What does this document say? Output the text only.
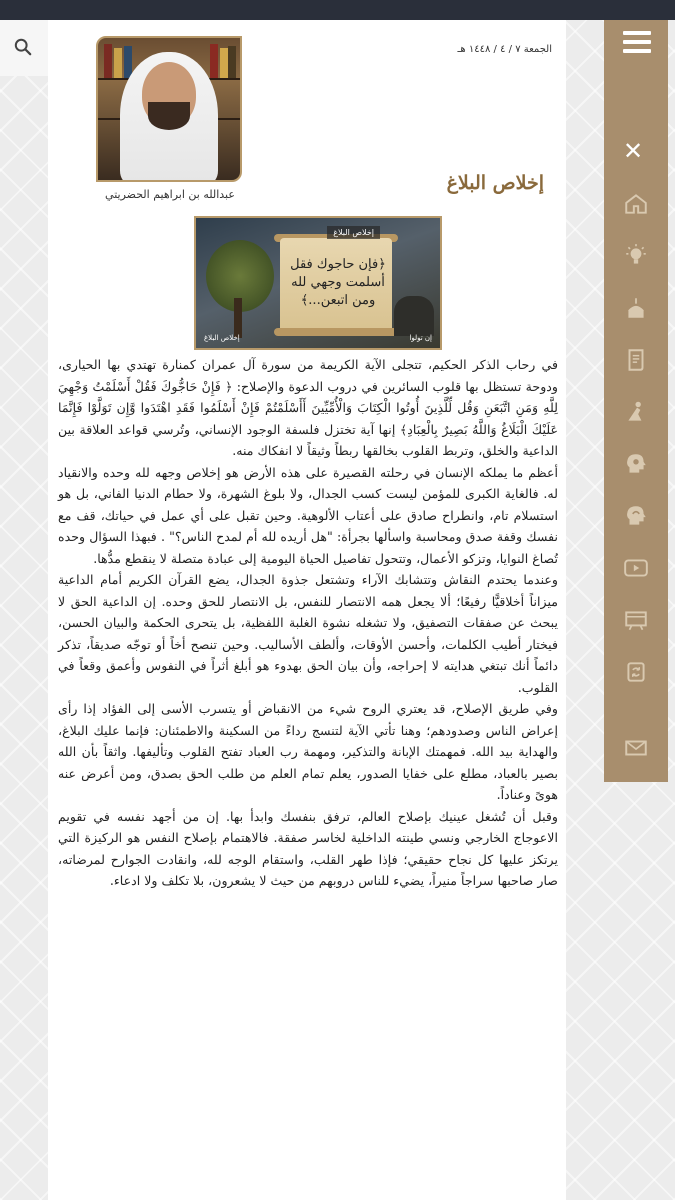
الجمعة ٧ / ٤ / ١٤٤٨ هـ
عبدالله بن ابراهيم الحضريتي
إخلاص البلاغ
إخلاص البلاغ
﴿فإن حاجوك فقل أسلمت وجهي لله ومن اتبعن...﴾
إخلاص البلاغ	إن تولوا

في رحاب الذكر الحكيم، تتجلى الآية الكريمة من سورة آل عمران كمنارة تهتدي بها الحيارى، ودوحة تستظل بها قلوب السائرين في دروب الدعوة والإصلاح: ﴿ فَإِنْ حَاجُّوكَ فَقُلْ أَسْلَمْتُ وَجْهِيَ لِلَّهِ وَمَنِ اتَّبَعَنِ وَقُل لِّلَّذِينَ أُوتُوا الْكِتَابَ وَالْأُمِّيِّينَ أَأَسْلَمْتُمْ فَإِنْ أَسْلَمُوا فَقَدِ اهْتَدَوا وَّإِن تَوَلَّوْا فَإِنَّمَا عَلَيْكَ الْبَلَاغُ وَاللَّهُ بَصِيرٌ بِالْعِبَادِ﴾ إنها آية تختزل فلسفة الوجود الإنساني، وتُرسي قواعد العلاقة بين الداعية والخلق، وتربط القلوب بخالقها ربطاً وثيقاً لا انفكاك منه.

أعظم ما يملكه الإنسان في رحلته القصيرة على هذه الأرض هو إخلاص وجهه لله وحده والانقياد له. فالغاية الكبرى للمؤمن ليست كسب الجدال، ولا بلوغ الشهرة، ولا حطام الدنيا الفاني، بل هو استسلام تام، وانطراح صادق على أعتاب الألوهية. وحين تقبل على أي عمل في حياتك، قف مع نفسك وقفة صدق ومحاسبة واسألها بجرأة: "هل أريده لله أم لمدح الناس؟" . فبهذا السؤال وحده تُصاغ النوايا، وتزكو الأعمال، وتتحول تفاصيل الحياة اليومية إلى عبادة متصلة لا ينقطع مدُّها.

وعندما يحتدم النقاش وتتشابك الآراء وتشتعل جذوة الجدال، يضع القرآن الكريم أمام الداعية ميزاناً أخلاقيًّا رفيعًا؛ ألا يجعل همه الانتصار للنفس، بل الانتصار للحق وحده. إن الداعية الحق لا يبحث عن صفقات التصفيق، ولا تشغله نشوة الغلبة اللفظية، بل يتحرى الحكمة والبيان الحسن، فيختار أطيب الكلمات، وأحسن الأوقات، وألطف الأساليب. وحين تنصح أخاً أو توجّه صديقاً، تذكر دائماً أنك تبتغي هدايته لا إحراجه، وأن بيان الحق بهدوء هو أبلغ أثراً في النفوس وأعمق وقعاً في القلوب.

وفي طريق الإصلاح، قد يعتري الروح شيء من الانقباض أو يتسرب الأسى إلى الفؤاد إذا رأى إعراض الناس وصدودهم؛ وهنا تأتي الآية لتنسج رداءً من السكينة والاطمئنان: فإنما عليك البلاغ، والهداية بيد الله. فمهمتك الإبانة والتذكير، ومهمة رب العباد تفتح القلوب وتأليفها. واثقاً بأن الله بصير بالعباد، مطلع على خفايا الصدور، يعلم تمام العلم من طلب الحق بصدق، ومن أعرض عنه هوىً وعناداً.

وقبل أن تُشغل عينيك بإصلاح العالم، ترفق بنفسك وابدأ بها. إن من أجهد نفسه في تقويم الاعوجاج الخارجي ونسي طينته الداخلية لخاسر صفقة. فالاهتمام بإصلاح النفس هو الركيزة التي يرتكز عليها كل نجاح حقيقي؛ فإذا طهر القلب، واستقام الوجه لله، وانقادت الجوارح لمرضاته، صار صاحبها سراجاً منيراً، يضيء للناس دروبهم من حيث لا يشعرون، بلا تكلف ولا ادعاء.

✕
